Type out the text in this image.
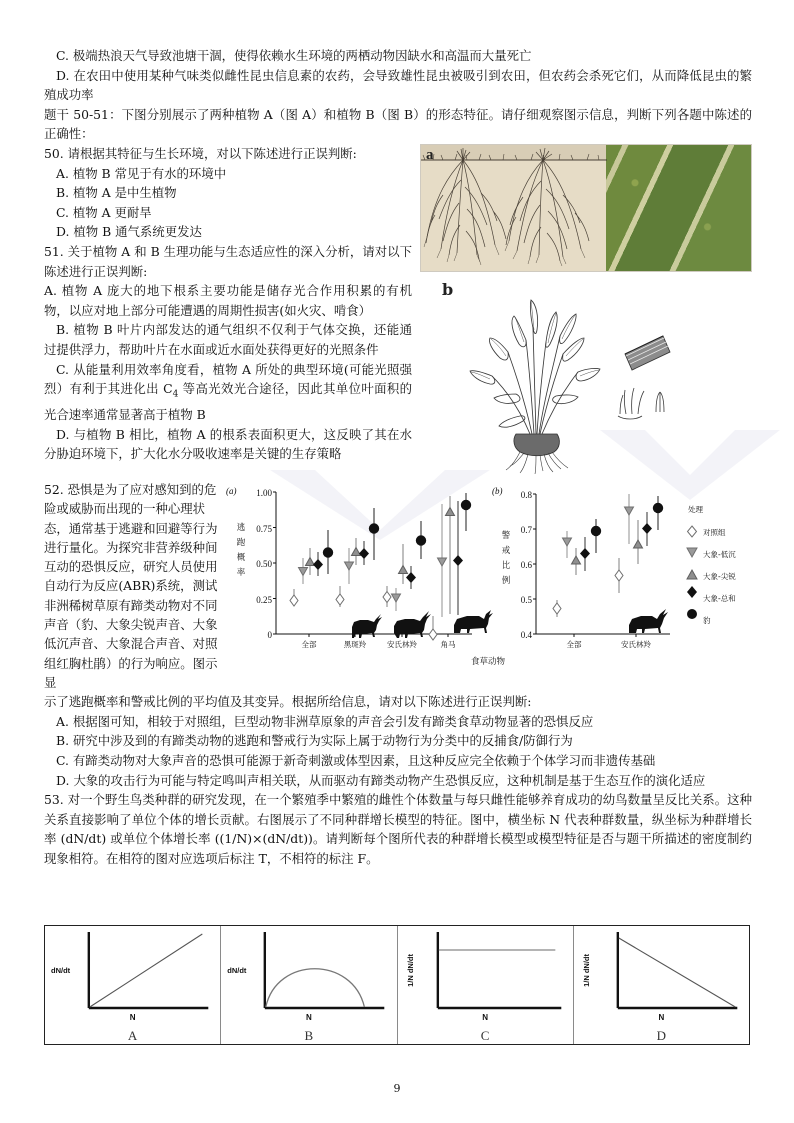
C. 极端热浪天气导致池塘干涸，使得依赖水生环境的两栖动物因缺水和高温而大量死亡
D. 在农田中使用某种气味类似雌性昆虫信息素的农药，会导致雄性昆虫被吸引到农田，但农药会杀死它们，从而降低昆虫的繁殖成功率
题干 50-51：下图分别展示了两种植物 A（图 A）和植物 B（图 B）的形态特征。请仔细观察图示信息，判断下列各题中陈述的正确性：
a
b
50. 请根据其特征与生长环境，对以下陈述进行正误判断:
A. 植物 B 常见于有水的环境中
B. 植物 A 是中生植物
C. 植物 A 更耐旱
D. 植物 B 通气系统更发达
51. 关于植物 A 和 B 生理功能与生态适应性的深入分析，请对以下陈述进行正误判断:
A. 植物 A 庞大的地下根系主要功能是储存光合作用积累的有机物，以应对地上部分可能遭遇的周期性损害(如火灾、啃食）
B. 植物 B 叶片内部发达的通气组织不仅利于气体交换，还能通过提供浮力，帮助叶片在水面或近水面处获得更好的光照条件
C. 从能量利用效率角度看，植物 A 所处的典型环境(可能光照强烈）有利于其进化出 $C_4$ 等高光效光合途径，因此其单位叶面积的光合速率通常显著高于植物 B
D. 与植物 B 相比，植物 A 的根系表面积更大，这反映了其在水分胁迫环境下，扩大化水分吸收速率是关键的生存策略
(a) 1.00
0.75
0.50
0.25
0
逃
跑
概
率
全部	黑斑羚	安氏林羚	角马
(b) 0.8
0.7
0.6
0.5
0.4
警
戒
比
例
全部	安氏林羚
处理
对照组
大象-低沉
大象-尖锐
大象-总和
豹
食草动物
52. 恐惧是为了应对感知到的危险或威胁而出现的一种心理状态，通常基于逃避和回避等行为进行量化。为探究非营养级种间互动的恐惧反应，研究人员使用自动行为反应(ABR)系统，测试非洲稀树草原有蹄类动物对不同声音（豹、大象尖锐声音、大象低沉声音、大象混合声音、对照组红胸杜鹃）的行为响应。图示显
示了逃跑概率和警戒比例的平均值及其变异。根据所给信息，请对以下陈述进行正误判断:
A. 根据图可知，相较于对照组，巨型动物非洲草原象的声音会引发有蹄类食草动物显著的恐惧反应
B. 研究中涉及到的有蹄类动物的逃跑和警戒行为实际上属于动物行为分类中的反捕食/防御行为
C. 有蹄类动物对大象声音的恐惧可能源于新奇刺激或体型因素，且这种反应完全依赖于个体学习而非遗传基础
D. 大象的攻击行为可能与特定鸣叫声相关联，从而驱动有蹄类动物产生恐惧反应，这种机制是基于生态互作的演化适应
53. 对一个野生鸟类种群的研究发现，在一个繁殖季中繁殖的雌性个体数量与每只雌性能够养育成功的幼鸟数量呈反比关系。这种关系直接影响了单位个体的增长贡献。右图展示了不同种群增长模型的特征。图中，横坐标 N 代表种群数量，纵坐标为种群增长率 (dN/dt) 或单位个体增长率 ((1/N)×(dN/dt))。请判断每个图所代表的种群增长模型或模型特征是否与题干所描述的密度制约现象相符。在相符的图对应选项后标注 T，不相符的标注 F。
dN/dt
N
A
dN/dt
N
B
1/N dN/dt
N
C
1/N dN/dt
N
D
9
